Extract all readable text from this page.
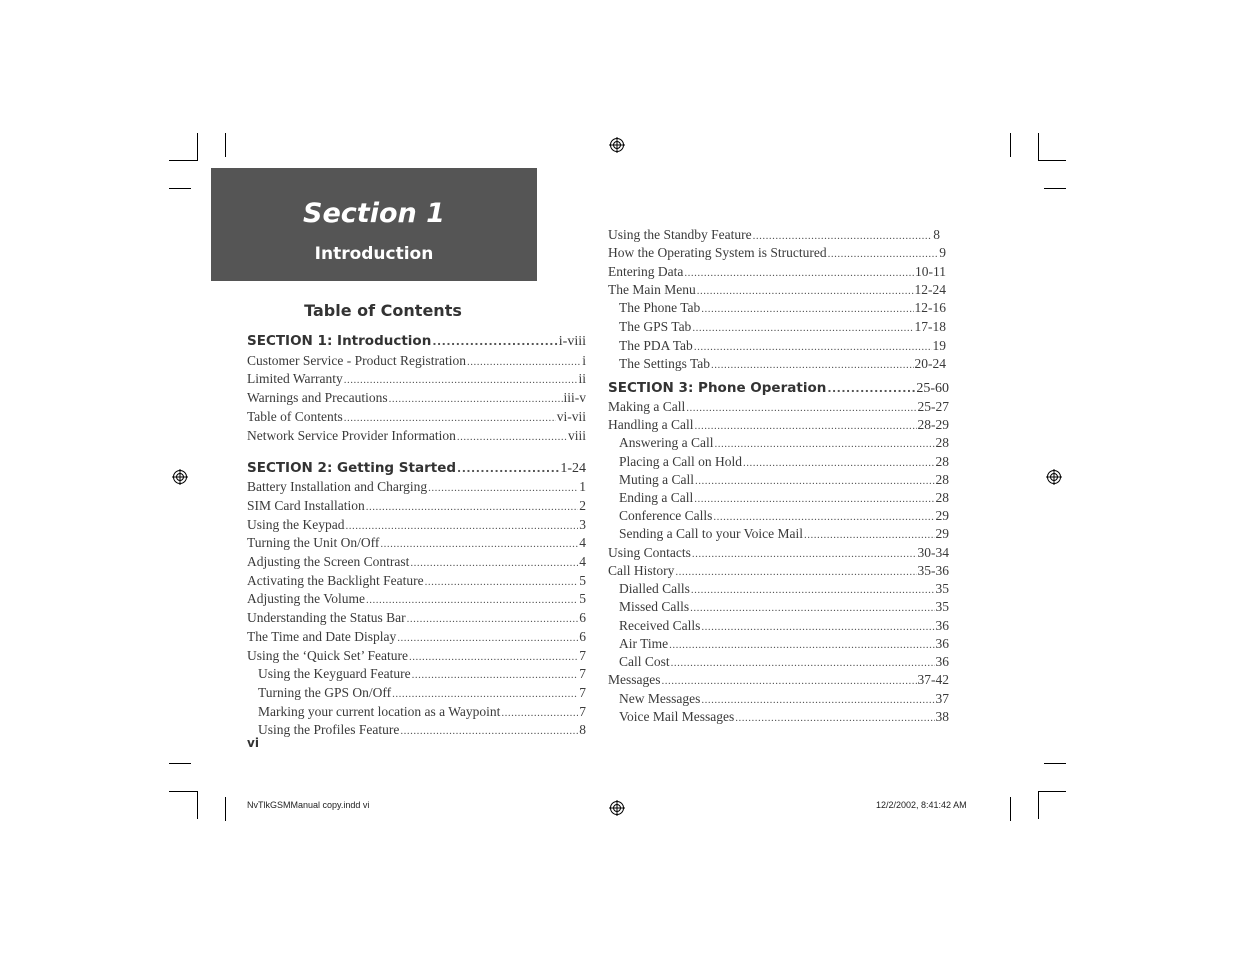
Section 1
Introduction
Table of Contents
SECTION 1: Introduction .....	i-viii
Customer Service - Product Registration .....	i
Limited Warranty .....	ii
Warnings and Precautions .....	iii-v
Table of Contents .....	vi-vii
Network Service Provider Information .....	viii
SECTION 2: Getting Started .....	1-24
Battery Installation and Charging .....	1
SIM Card Installation .....	2
Using the Keypad .....	3
Turning the Unit On/Off .....	4
Adjusting the Screen Contrast .....	4
Activating the Backlight Feature .....	5
Adjusting the Volume .....	5
Understanding the Status Bar .....	6
The Time and Date Display .....	6
Using the ‘Quick Set’ Feature .....	7
Using the Keyguard Feature .....	7
Turning the GPS On/Off .....	7
Marking your current location as a Waypoint .....	7
Using the Profiles Feature .....	8
Using the Standby Feature .....	8
How the Operating System is Structured .....	9
Entering Data .....	10-11
The Main Menu .....	12-24
The Phone Tab .....	12-16
The GPS Tab .....	17-18
The PDA Tab .....	19
The Settings Tab .....	20-24
SECTION 3: Phone Operation .....	25-60
Making a Call .....	25-27
Handling a Call .....	28-29
Answering a Call .....	28
Placing a Call on Hold .....	28
Muting a Call .....	28
Ending a Call .....	28
Conference Calls .....	29
Sending a Call to your Voice Mail .....	29
Using Contacts .....	30-34
Call History .....	35-36
Dialled Calls .....	35
Missed Calls .....	35
Received Calls .....	36
Air Time .....	36
Call Cost .....	36
Messages .....	37-42
New Messages .....	37
Voice Mail Messages .....	38
vi
NvTlkGSMManual copy.indd vi	12/2/2002, 8:41:42 AM
